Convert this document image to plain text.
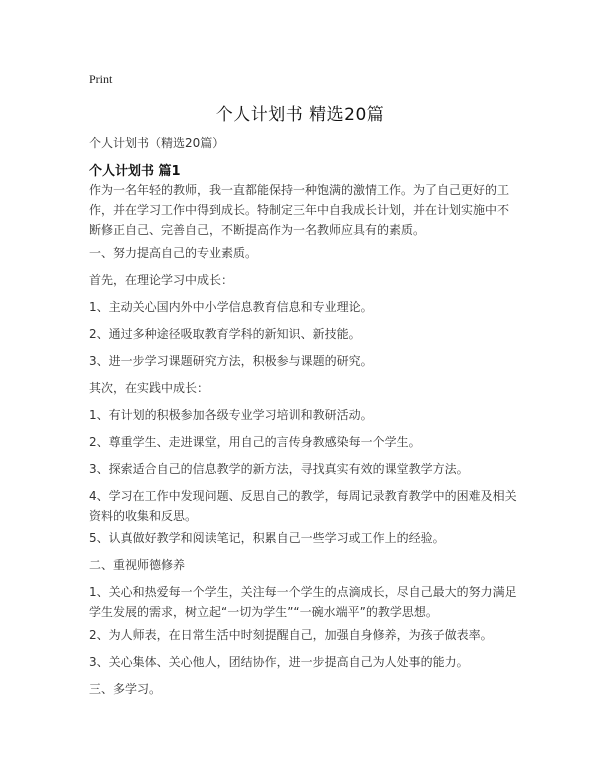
Print
个人计划书 精选20篇
个人计划书（精选20篇）
个人计划书 篇1

作为一名年轻的教师，我一直都能保持一种饱满的激情工作。为了自己更好的工作，并在学习工作中得到成长。特制定三年中自我成长计划，并在计划实施中不断修正自己、完善自己，不断提高作为一名教师应具有的素质。

一、努力提高自己的专业素质。

首先，在理论学习中成长：

1、主动关心国内外中小学信息教育信息和专业理论。

2、通过多种途径吸取教育学科的新知识、新技能。

3、进一步学习课题研究方法，积极参与课题的研究。

其次，在实践中成长：

1、有计划的积极参加各级专业学习培训和教研活动。

2、尊重学生、走进课堂，用自己的言传身教感染每一个学生。

3、探索适合自己的信息教学的新方法，寻找真实有效的课堂教学方法。

4、学习在工作中发现问题、反思自己的教学，每周记录教育教学中的困难及相关资料的收集和反思。

5、认真做好教学和阅读笔记，积累自己一些学习或工作上的经验。

二、重视师德修养

1、关心和热爱每一个学生，关注每一个学生的点滴成长，尽自己最大的努力满足学生发展的需求，树立起“一切为学生”“一碗水端平”的教学思想。

2、为人师表，在日常生活中时刻提醒自己，加强自身修养，为孩子做表率。

3、关心集体、关心他人，团结协作，进一步提高自己为人处事的能力。

三、多学习。
